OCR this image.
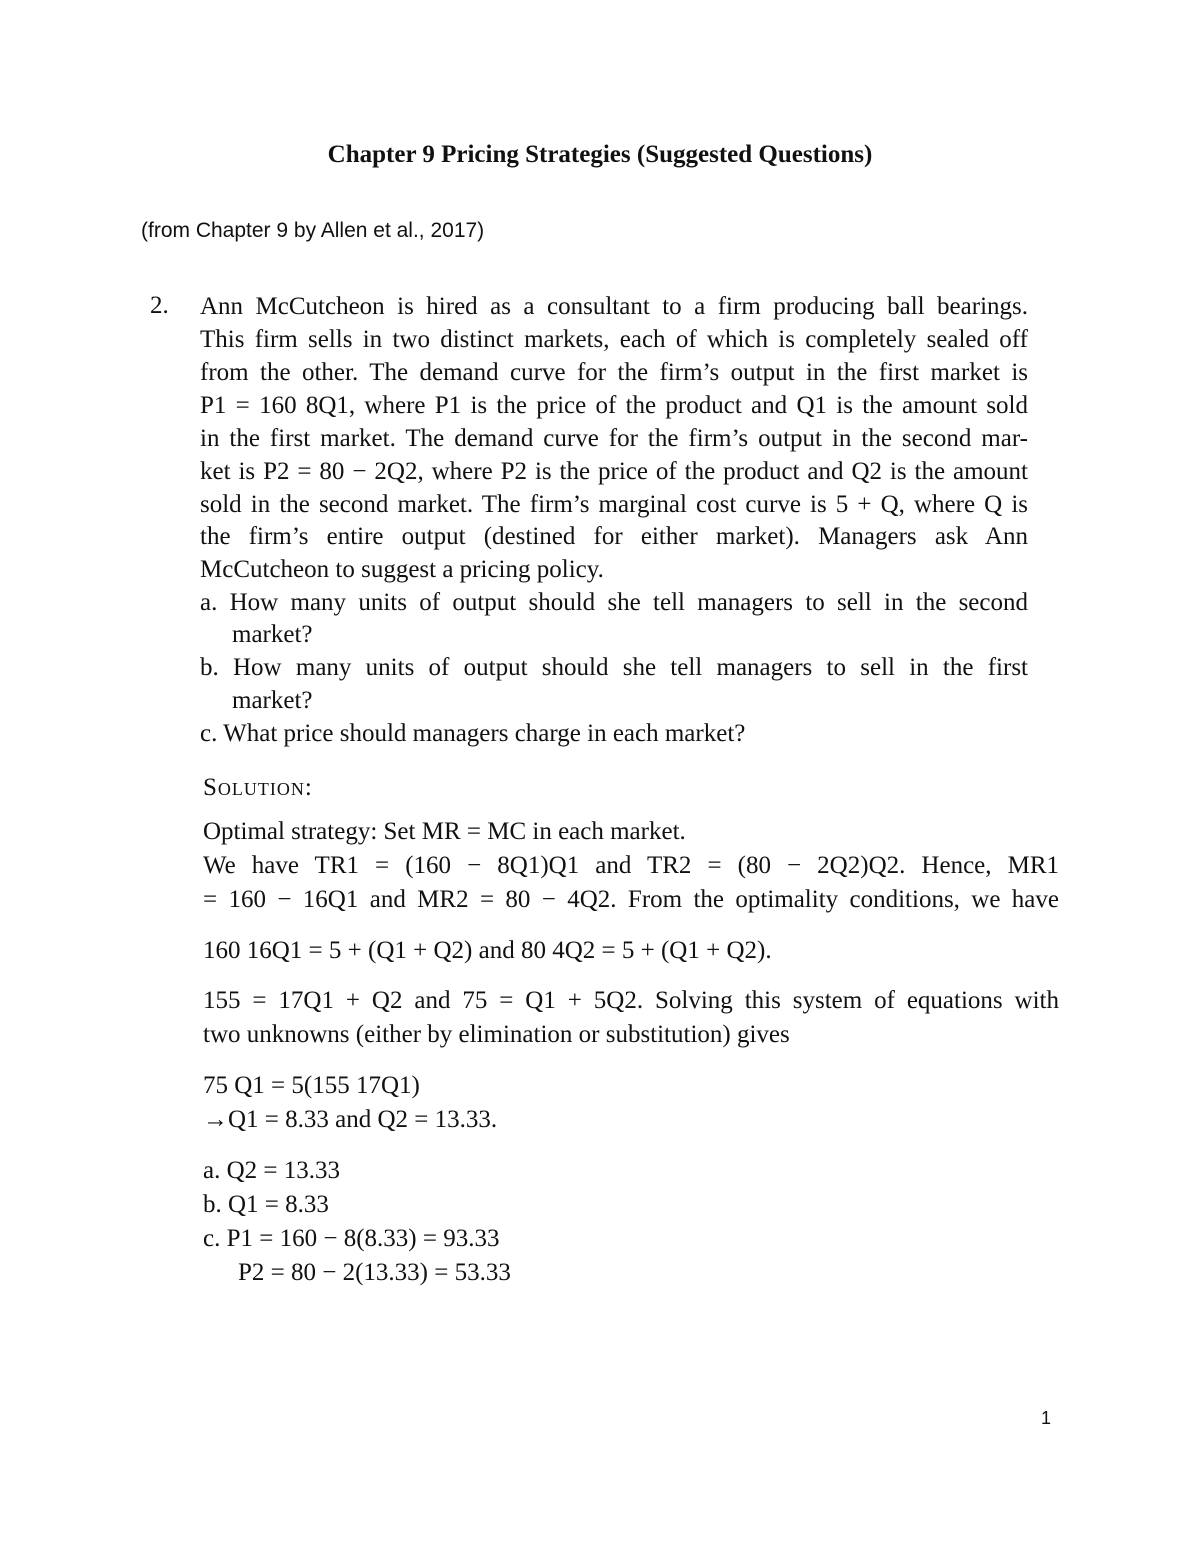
Chapter 9 Pricing Strategies (Suggested Questions)
(from Chapter 9 by Allen et al., 2017)
2. Ann McCutcheon is hired as a consultant to a firm producing ball bearings.
This firm sells in two distinct markets, each of which is completely sealed off
from the other. The demand curve for the firm’s output in the first market is
P1 = 160 8Q1, where P1 is the price of the product and Q1 is the amount sold
in the first market. The demand curve for the firm’s output in the second mar-
ket is P2 = 80 − 2Q2, where P2 is the price of the product and Q2 is the amount
sold in the second market. The firm’s marginal cost curve is 5 + Q, where Q is
the firm’s entire output (destined for either market). Managers ask Ann
McCutcheon to suggest a pricing policy.
a. How many units of output should she tell managers to sell in the second
market?
b. How many units of output should she tell managers to sell in the first
market?
c. What price should managers charge in each market?
Solution:
Optimal strategy: Set MR = MC in each market.
We have TR1 = (160 − 8Q1)Q1 and TR2 = (80 − 2Q2)Q2. Hence, MR1
= 160 − 16Q1 and MR2 = 80 − 4Q2. From the optimality conditions, we have
160 16Q1 = 5 + (Q1 + Q2) and 80 4Q2 = 5 + (Q1 + Q2).
155 = 17Q1 + Q2 and 75 = Q1 + 5Q2. Solving this system of equations with
two unknowns (either by elimination or substitution) gives
75 Q1 = 5(155 17Q1)
→Q1 = 8.33 and Q2 = 13.33.
a. Q2 = 13.33
b. Q1 = 8.33
c. P1 = 160 − 8(8.33) = 93.33
P2 = 80 − 2(13.33) = 53.33
1
